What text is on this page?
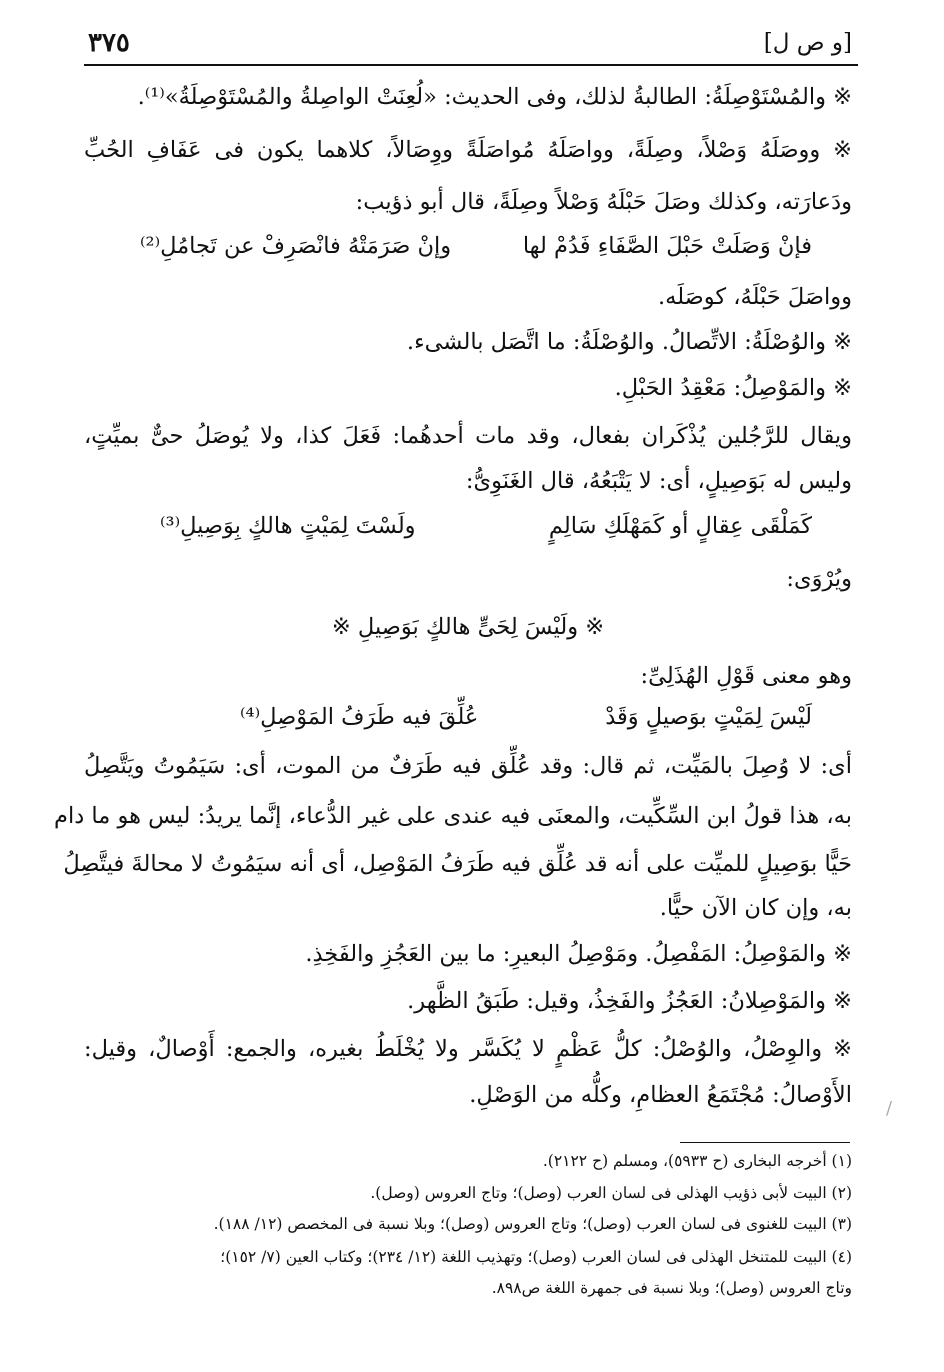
[و ص ل]
٣٧٥
※ والمُسْتَوْصِلَةُ: الطالبةُ لذلك، وفى الحديث: «لُعِنَتْ الواصِلةُ والمُسْتَوْصِلَةُ»⁽¹⁾.
※ ووصَلَهُ وَصْلاً، وصِلَةً، وواصَلَهُ مُواصَلَةً ووِصَالاً، كلاهما يكون فى عَفَافِ الحُبِّ
ودَعارَته، وكذلك وصَلَ حَبْلَهُ وَصْلاً وصِلَةً، قال أبو ذؤيب:
فإنْ وَصَلَتْ حَبْلَ الصَّفَاءِ فَدُمْ لها
وإنْ صَرَمَتْهُ فانْصَرِفْ عن تَجامُلِ⁽²⁾
وواصَلَ حَبْلَهُ، كوصَلَه.
※ والوُصْلَةُ: الاتِّصالُ. والوُصْلَةُ: ما اتَّصَل بالشىء.
※ والمَوْصِلُ: مَعْقِدُ الحَبْلِ.
ويقال للرَّجُلين يُذْكَران بفعال، وقد مات أحدهُما: فَعَلَ كذا، ولا يُوصَلُ حىٌّ بميِّتٍ،
وليس له بَوَصِيلٍ، أى: لا يَتْبَعُهُ، قال الغَنَوِىُّ:
كَمَلْقَى عِقالٍ أو كَمَهْلَكِ سَالِمٍ
ولَسْتَ لِمَيْتٍ هالكٍ بِوَصِيلِ⁽³⁾
ويُرْوَى:
※ ولَيْسَ لِحَىٍّ هالكٍ بَوَصِيلِ ※
وهو معنى قَوْلِ الهُذَلِىِّ:
لَيْسَ لِمَيْتٍ بوَصيلٍ وَقَدْ
عُلِّقَ فيه طَرَفُ المَوْصِلِ⁽⁴⁾
أى: لا وُصِلَ بالمَيِّت، ثم قال: وقد عُلِّق فيه طَرَفٌ من الموت، أى: سَيَمُوتُ ويَتَّصِلُ
به، هذا قولُ ابن السِّكِّيت، والمعنَى فيه عندى على غير الدُّعاء، إنَّما يريدُ: ليس هو ما دام
حَيًّا بوَصِيلٍ للميِّت على أنه قد عُلِّق فيه طَرَفُ المَوْصِل، أى أنه سيَمُوتُ لا محالةَ فيتَّصِلُ
به، وإن كان الآن حيًّا.
※ والمَوْصِلُ: المَفْصِلُ. ومَوْصِلُ البعيرِ: ما بين العَجُزِ والفَخِذِ.
※ والمَوْصِلانُ: العَجُزُ والفَخِذُ، وقيل: طَبَقُ الظَّهر.
※ والوِصْلُ، والوُصْلُ: كلُّ عَظْمٍ لا يُكَسَّر ولا يُخْلَطُ بغيره، والجمع: أَوْصالٌ، وقيل:
الأَوْصالُ: مُجْتَمَعُ العظامِ، وكلُّه من الوَصْلِ.
/
(١) أخرجه البخارى (ح ٥٩٣٣)، ومسلم (ح ٢١٢٢).
(٢) البيت لأبى ذؤيب الهذلى فى لسان العرب (وصل)؛ وتاج العروس (وصل).
(٣) البيت للغنوى فى لسان العرب (وصل)؛ وتاج العروس (وصل)؛ وبلا نسبة فى المخصص (١٢/ ١٨٨).
(٤) البيت للمتنخل الهذلى فى لسان العرب (وصل)؛ وتهذيب اللغة (١٢/ ٢٣٤)؛ وكتاب العين (٧/ ١٥٢)؛
وتاج العروس (وصل)؛ وبلا نسبة فى جمهرة اللغة ص٨٩٨.
